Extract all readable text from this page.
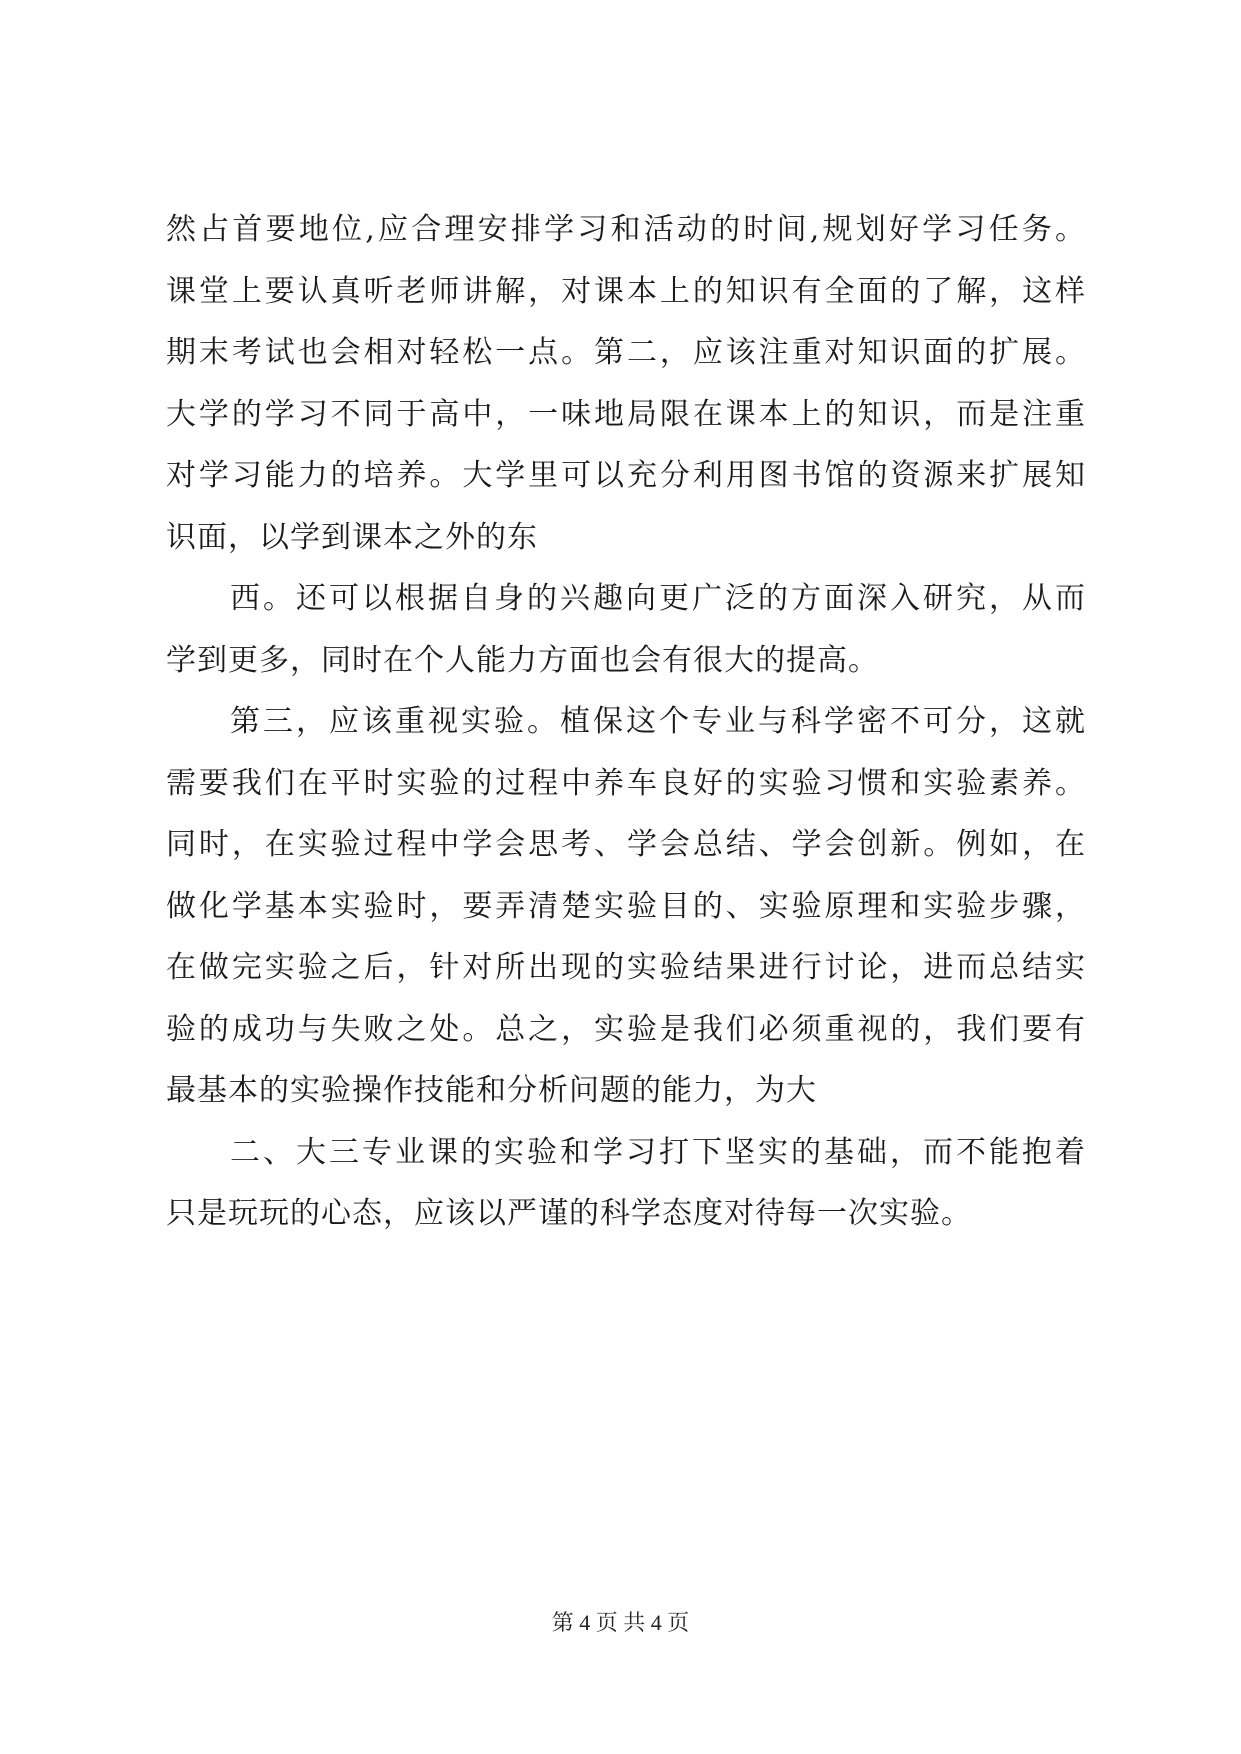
然占首要地位,应合理安排学习和活动的时间,规划好学习任务。
课堂上要认真听老师讲解，对课本上的知识有全面的了解，这样
期末考试也会相对轻松一点。第二，应该注重对知识面的扩展。
大学的学习不同于高中，一味地局限在课本上的知识，而是注重
对学习能力的培养。大学里可以充分利用图书馆的资源来扩展知
识面，以学到课本之外的东
西。还可以根据自身的兴趣向更广泛的方面深入研究，从而
学到更多，同时在个人能力方面也会有很大的提高。
第三，应该重视实验。植保这个专业与科学密不可分，这就
需要我们在平时实验的过程中养车良好的实验习惯和实验素养。
同时，在实验过程中学会思考、学会总结、学会创新。例如，在
做化学基本实验时，要弄清楚实验目的、实验原理和实验步骤，
在做完实验之后，针对所出现的实验结果进行讨论，进而总结实
验的成功与失败之处。总之，实验是我们必须重视的，我们要有
最基本的实验操作技能和分析问题的能力，为大
二、大三专业课的实验和学习打下坚实的基础，而不能抱着
只是玩玩的心态，应该以严谨的科学态度对待每一次实验。
第 4 页 共 4 页
